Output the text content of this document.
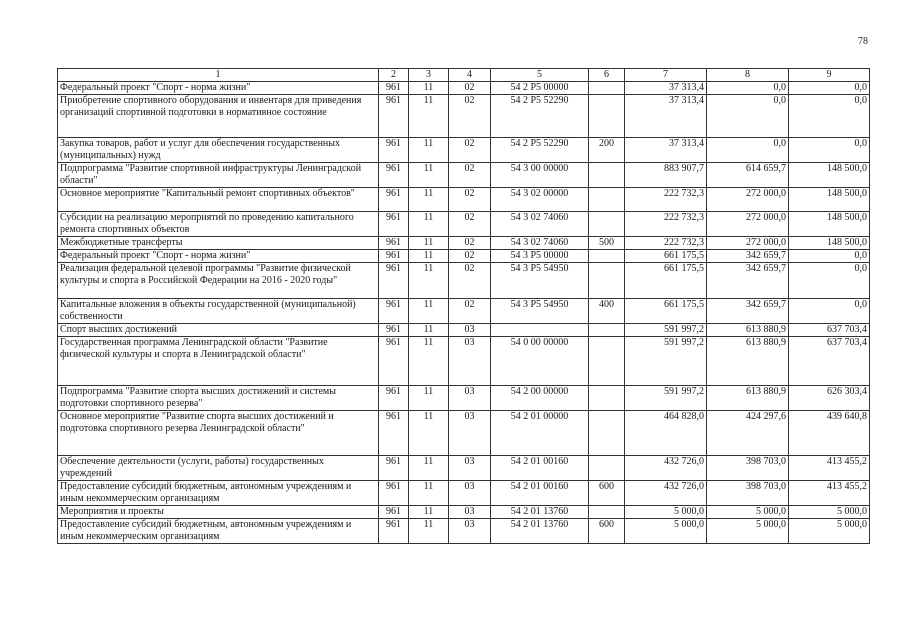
78
1	2	3	4	5	6	7	8	9
Федеральный проект "Спорт - норма жизни"	961	11	02	54 2 P5 00000		37 313,4	0,0	0,0
Приобретение спортивного оборудования и инвентаря для приведения организаций спортивной подготовки в нормативное состояние	961	11	02	54 2 P5 52290		37 313,4	0,0	0,0
Закупка товаров, работ и услуг для обеспечения государственных (муниципальных) нужд	961	11	02	54 2 P5 52290	200	37 313,4	0,0	0,0
Подпрограмма "Развитие спортивной инфраструктуры Ленинградской области"	961	11	02	54 3 00 00000		883 907,7	614 659,7	148 500,0
Основное мероприятие "Капитальный ремонт спортивных объектов"	961	11	02	54 3 02 00000		222 732,3	272 000,0	148 500,0
Субсидии на реализацию мероприятий по проведению капитального ремонта спортивных объектов	961	11	02	54 3 02 74060		222 732,3	272 000,0	148 500,0
Межбюджетные трансферты	961	11	02	54 3 02 74060	500	222 732,3	272 000,0	148 500,0
Федеральный проект "Спорт - норма жизни"	961	11	02	54 3 P5 00000		661 175,5	342 659,7	0,0
Реализация федеральной целевой программы "Развитие физической культуры и спорта в Российской Федерации на 2016 - 2020 годы"	961	11	02	54 3 P5 54950		661 175,5	342 659,7	0,0
Капитальные вложения в объекты государственной (муниципальной) собственности	961	11	02	54 3 P5 54950	400	661 175,5	342 659,7	0,0
Спорт высших достижений	961	11	03			591 997,2	613 880,9	637 703,4
Государственная программа Ленинградской области "Развитие физической культуры и спорта в Ленинградской области"	961	11	03	54 0 00 00000		591 997,2	613 880,9	637 703,4
Подпрограмма "Развитие спорта высших достижений и системы подготовки спортивного резерва"	961	11	03	54 2 00 00000		591 997,2	613 880,9	626 303,4
Основное мероприятие "Развитие спорта высших достижений и подготовка спортивного резерва Ленинградской области"	961	11	03	54 2 01 00000		464 828,0	424 297,6	439 640,8
Обеспечение деятельности (услуги, работы) государственных учреждений	961	11	03	54 2 01 00160		432 726,0	398 703,0	413 455,2
Предоставление субсидий бюджетным, автономным учреждениям и иным некоммерческим организациям	961	11	03	54 2 01 00160	600	432 726,0	398 703,0	413 455,2
Мероприятия и проекты	961	11	03	54 2 01 13760		5 000,0	5 000,0	5 000,0
Предоставление субсидий бюджетным, автономным учреждениям и иным некоммерческим организациям	961	11	03	54 2 01 13760	600	5 000,0	5 000,0	5 000,0
